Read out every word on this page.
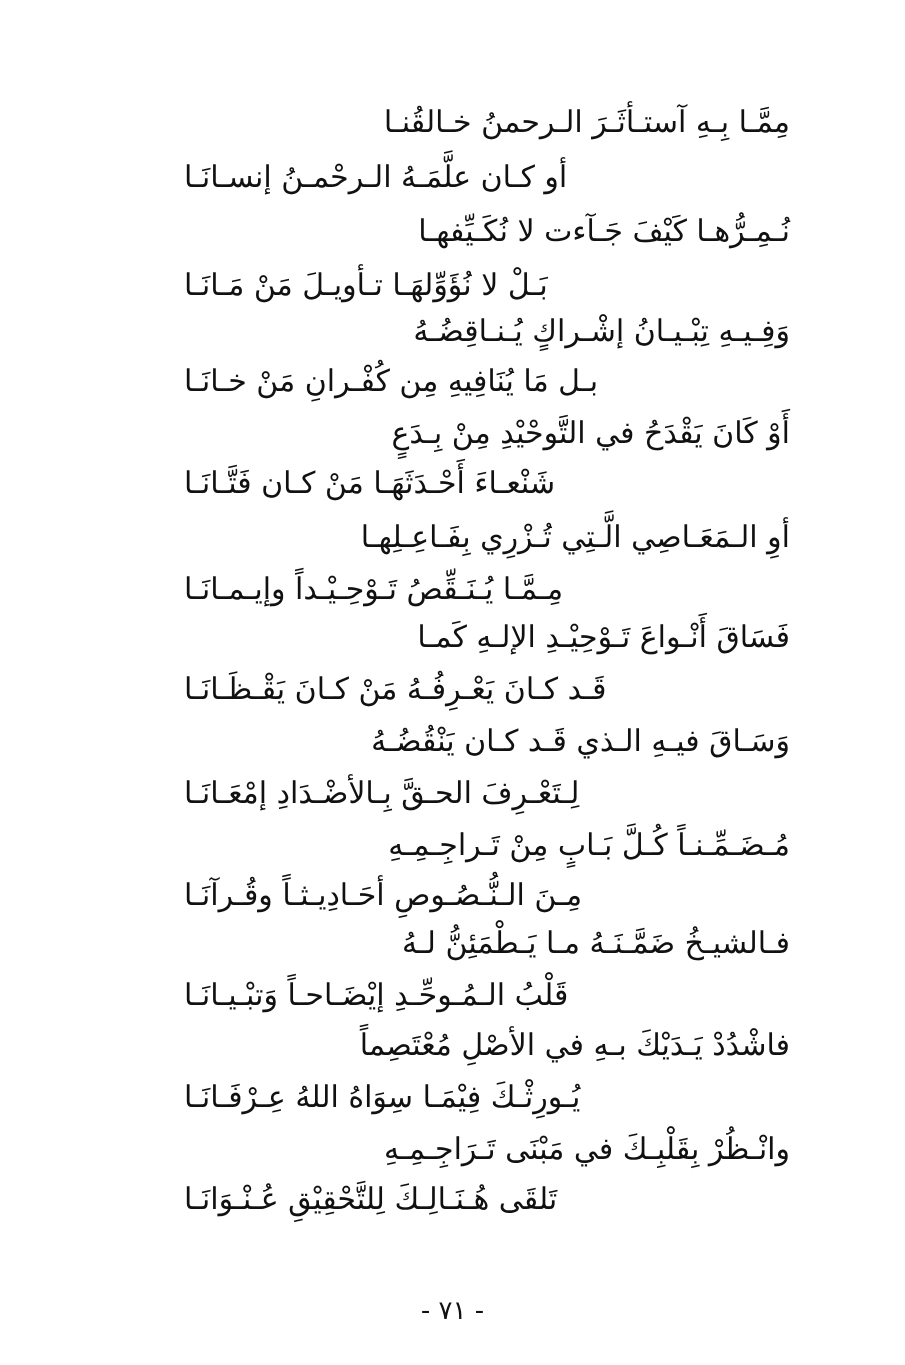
مِمَّـا بِـهِ آستـأثَـرَ الـرحمنُ خـالقُنـا
أو كـان علَّمَـهُ الـرحْمـنُ إنسـانَـا
نُـمِـرُّهـا كَيْفَ جَـآءت لا نُكَـيِّفهـا
بَـلْ لا نُؤَوِّلهَـا تـأويـلَ مَنْ مَـانَـا
وَفِـيـهِ تِبْـيـانُ إشْـراكٍ يُـنـاقِضُـهُ
بـل مَا يُنَافِيهِ مِن كُفْـرانِ مَنْ خـانَـا
أَوْ كَانَ يَقْدَحُ في التَّوحْيْدِ مِنْ بِـدَعٍ
شَنْعـاءَ أَحْـدَثَهَـا مَنْ كـان فَتَّـانَـا
أوِ الـمَعَـاصِي الَّـتِي تُـزْرِي بِفَـاعِـلِهـا
مِـمَّـا يُـنَـقِّصُ تَـوْحِـيْـداً وإيـمـانَـا
فَسَاقَ أَنْـواعَ تَـوْحِيْـدِ الإلـهِ كَمـا
قَـد كـانَ يَعْـرِفُـهُ مَنْ كـانَ يَقْـظَـانَـا
وَسَـاقَ فيـهِ الـذي قَـد كـان يَنْقُضُـهُ
لِـتَعْـرِفَ الحـقَّ بِـالأضْـدَادِ إمْعَـانَـا
مُـضَـمِّـنـاً كُـلَّ بَـابٍ مِنْ تَـراجِـمِـهِ
مِـنَ الـنُّـصُـوصِ أحَـادِيـثـاً وقُـرآنَـا
فـالشيـخُ ضَمَّـنَـهُ مـا يَـطْمَئِنُّ لـهُ
قَلْبُ الـمُـوحِّـدِ إيْضَـاحـاً وَتبْـيـانَـا
فاشْدُدْ يَـدَيْكَ بـهِ في الأصْلِ مُعْتَصِماً
يُـورِثْـكَ فِيْمَـا سِوَاهُ اللهُ عِـرْفَـانَـا
وانْـظُرْ بِقَلْبِـكَ في مَبْنَى تَـرَاجِـمِـهِ
تَلقَى هُـنَـالِـكَ لِلتَّحْقِيْقِ عُـنْـوَانَـا
- ٧١ -
